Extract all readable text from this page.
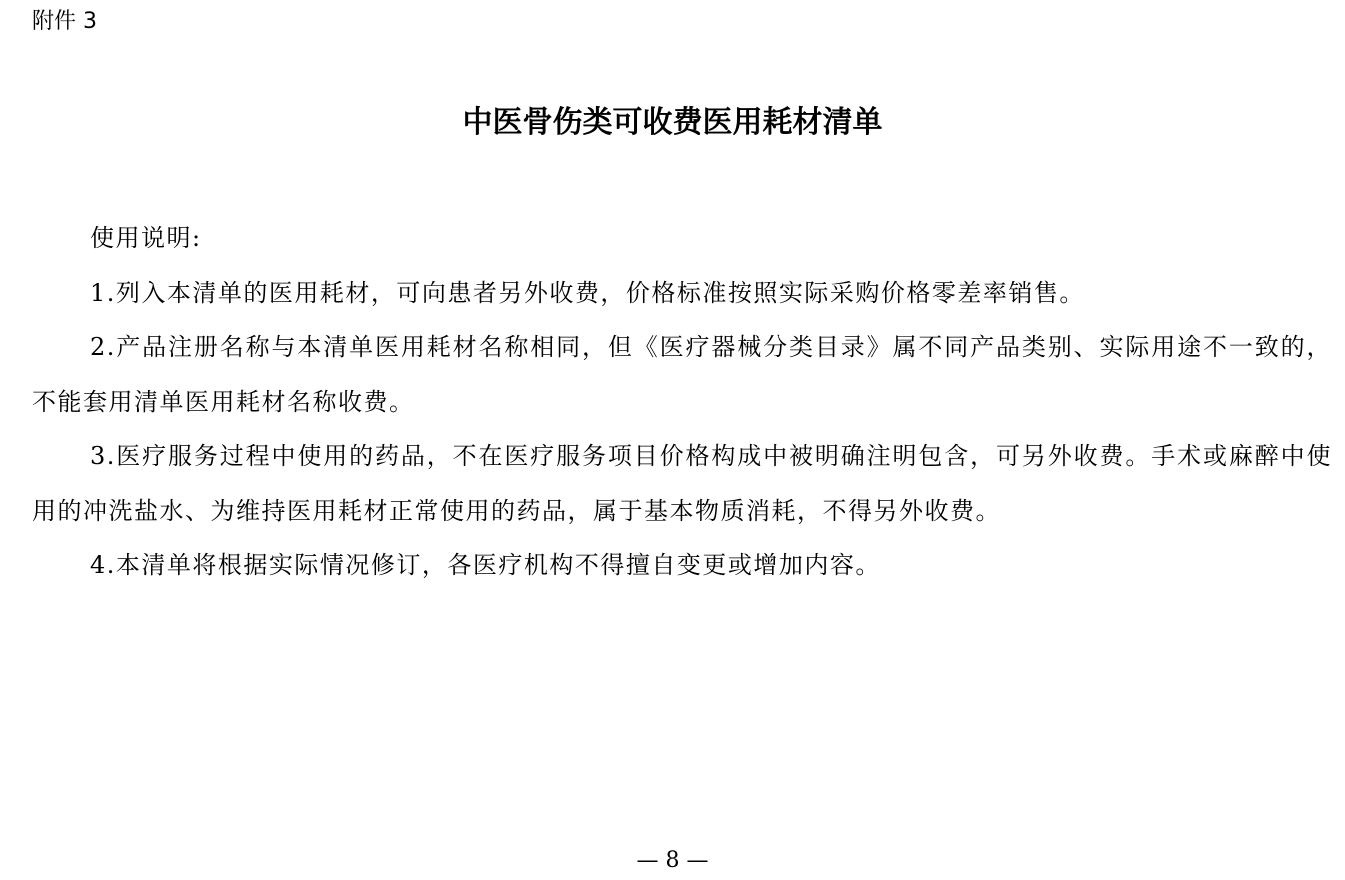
附件 3
中医骨伤类可收费医用耗材清单

使用说明:

1.列入本清单的医用耗材，可向患者另外收费，价格标准按照实际采购价格零差率销售。

2.产品注册名称与本清单医用耗材名称相同，但《医疗器械分类目录》属不同产品类别、实际用途不一致的，不能套用清单医用耗材名称收费。

3.医疗服务过程中使用的药品，不在医疗服务项目价格构成中被明确注明包含，可另外收费。手术或麻醉中使用的冲洗盐水、为维持医用耗材正常使用的药品，属于基本物质消耗，不得另外收费。

4.本清单将根据实际情况修订，各医疗机构不得擅自变更或增加内容。

— 8 —
